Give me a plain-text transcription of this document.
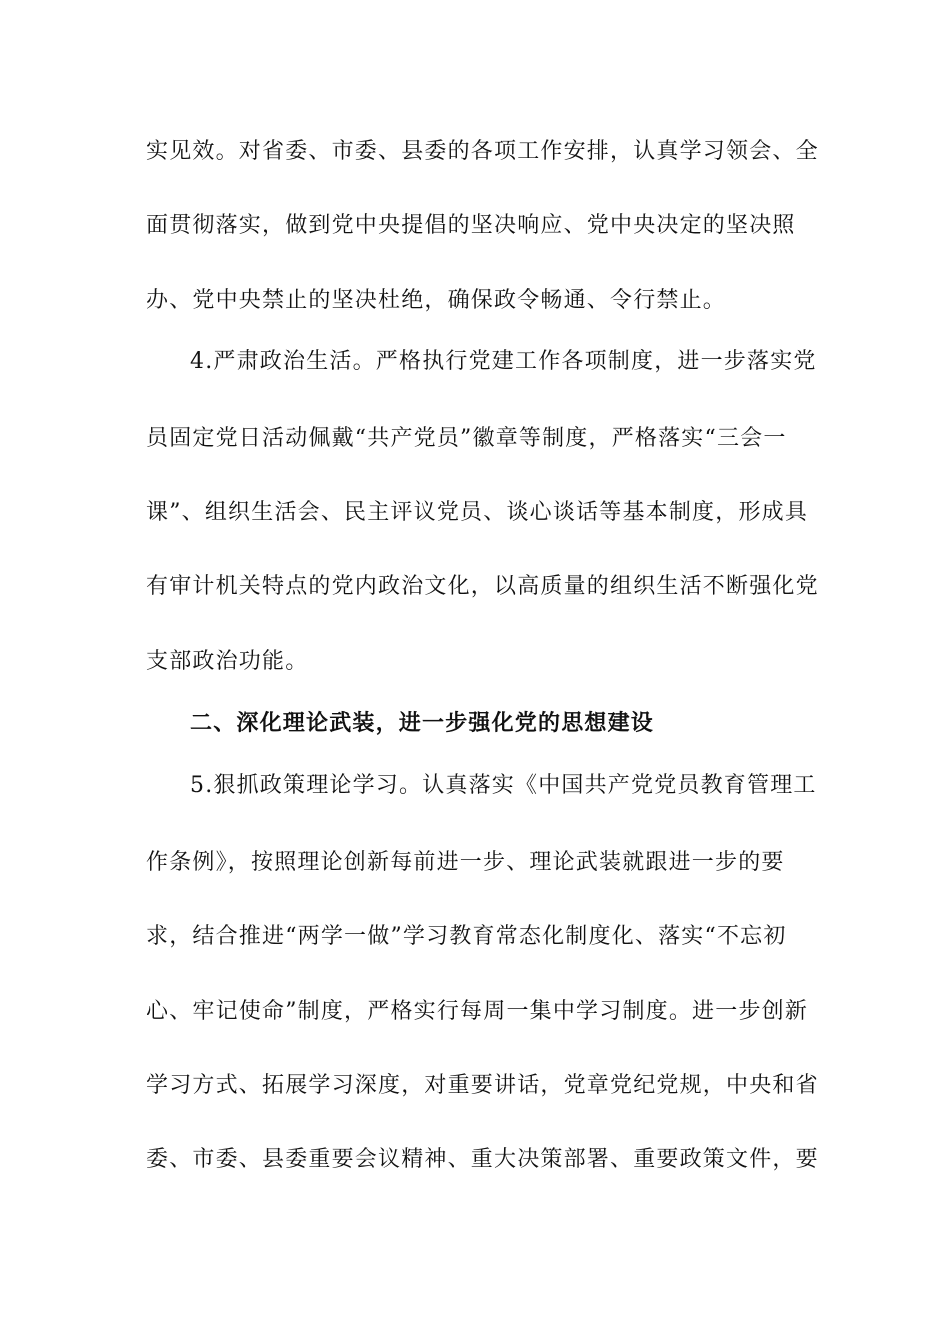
实见效。对省委、市委、县委的各项工作安排，认真学习领会、全
面贯彻落实，做到党中央提倡的坚决响应、党中央决定的坚决照
办、党中央禁止的坚决杜绝，确保政令畅通、令行禁止。
4.严肃政治生活。严格执行党建工作各项制度，进一步落实党
员固定党日活动佩戴“共产党员”徽章等制度，严格落实“三会一
课”、组织生活会、民主评议党员、谈心谈话等基本制度，形成具
有审计机关特点的党内政治文化，以高质量的组织生活不断强化党
支部政治功能。
二、深化理论武装，进一步强化党的思想建设
5.狠抓政策理论学习。认真落实《中国共产党党员教育管理工
作条例》，按照理论创新每前进一步、理论武装就跟进一步的要
求，结合推进“两学一做”学习教育常态化制度化、落实“不忘初
心、牢记使命”制度，严格实行每周一集中学习制度。进一步创新
学习方式、拓展学习深度，对重要讲话，党章党纪党规，中央和省
委、市委、县委重要会议精神、重大决策部署、重要政策文件，要
